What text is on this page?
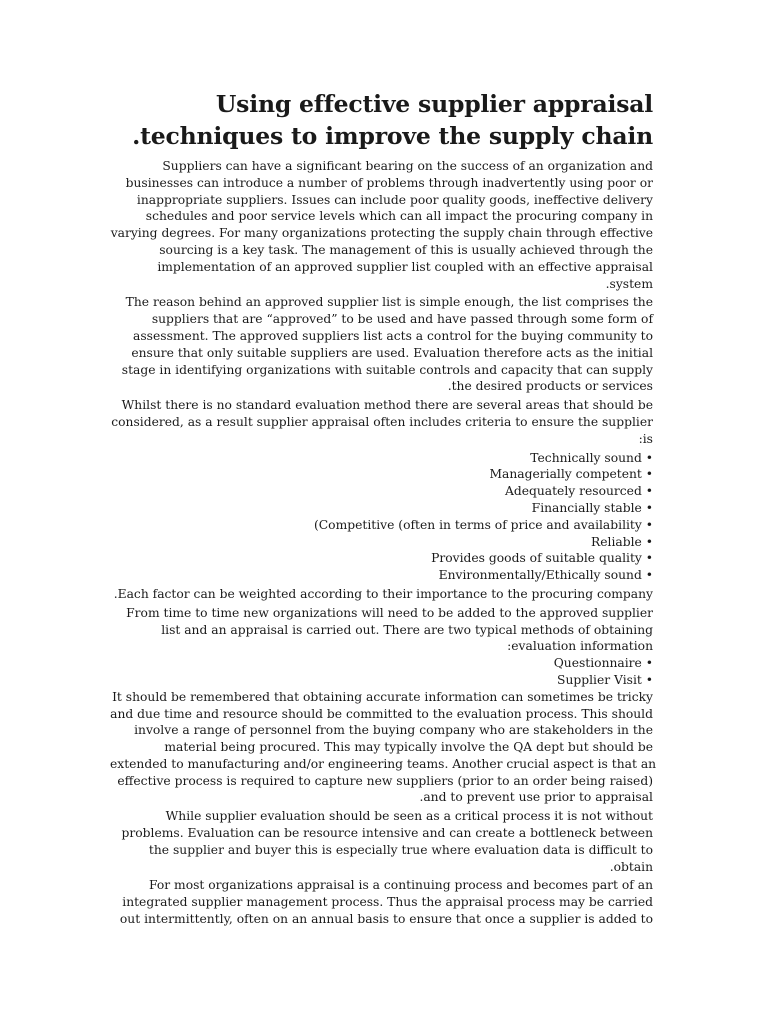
Using effective supplier appraisal
.techniques to improve the supply chain

Suppliers can have a significant bearing on the success of an organization and
businesses can introduce a number of problems through inadvertently using poor or
inappropriate suppliers. Issues can include poor quality goods, ineffective delivery
schedules and poor service levels which can all impact the procuring company in
varying degrees. For many organizations protecting the supply chain through effective
sourcing is a key task. The management of this is usually achieved through the
implementation of an approved supplier list coupled with an effective appraisal
.system

The reason behind an approved supplier list is simple enough, the list comprises the
suppliers that are “approved” to be used and have passed through some form of
assessment. The approved suppliers list acts a control for the buying community to
ensure that only suitable suppliers are used. Evaluation therefore acts as the initial
stage in identifying organizations with suitable controls and capacity that can supply
.the desired products or services

Whilst there is no standard evaluation method there are several areas that should be
considered, as a result supplier appraisal often includes criteria to ensure the supplier
:is

Technically sound •

Managerially competent •

Adequately resourced •

Financially stable •

(Competitive (often in terms of price and availability •

Reliable •

Provides goods of suitable quality •

Environmentally/Ethically sound •

.Each factor can be weighted according to their importance to the procuring company

From time to time new organizations will need to be added to the approved supplier
list and an appraisal is carried out. There are two typical methods of obtaining
:evaluation information

Questionnaire •

Supplier Visit •

It should be remembered that obtaining accurate information can sometimes be tricky
and due time and resource should be committed to the evaluation process. This should
involve a range of personnel from the buying company who are stakeholders in the
material being procured. This may typically involve the QA dept but should be
extended to manufacturing and/or engineering teams. Another crucial aspect is that an
effective process is required to capture new suppliers (prior to an order being raised)
.and to prevent use prior to appraisal

While supplier evaluation should be seen as a critical process it is not without
problems. Evaluation can be resource intensive and can create a bottleneck between
the supplier and buyer this is especially true where evaluation data is difficult to
.obtain

For most organizations appraisal is a continuing process and becomes part of an
integrated supplier management process. Thus the appraisal process may be carried
out intermittently, often on an annual basis to ensure that once a supplier is added to
